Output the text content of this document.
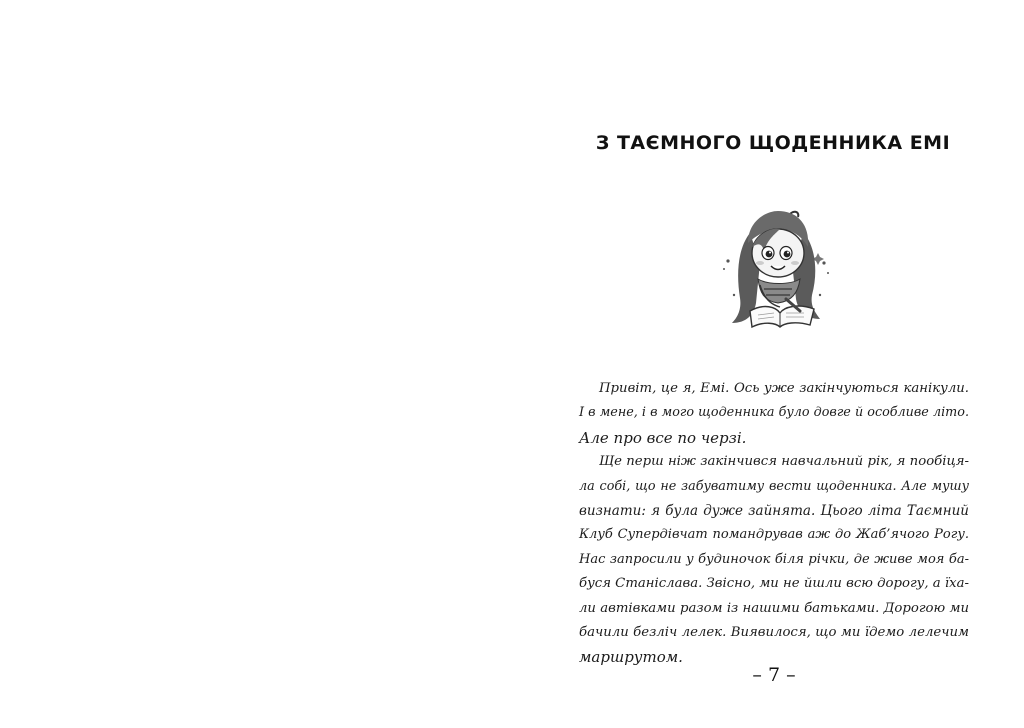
З ТАЄМНОГО ЩОДЕННИКА ЕМІ
Привіт, це я, Емі. Ось уже закінчуються канікули.
І в мене, і в мого щоденника було довге й особливе літо.
Але про все по черзі.
Ще перш ніж закінчився навчальний рік, я пообіця-
ла собі, що не забуватиму вести щоденника. Але мушу
визнати: я була дуже зайнята. Цього літа Таємний
Клуб Супердівчат помандрував аж до Жаб’ячого Рогу.
Нас запросили у будиночок біля річки, де живе моя ба-
буся Станіслава. Звісно, ми не йшли всю дорогу, а їха-
ли автівками разом із нашими батьками. Дорогою ми
бачили безліч лелек. Виявилося, що ми їдемо лелечим
маршрутом.
– 7 –
